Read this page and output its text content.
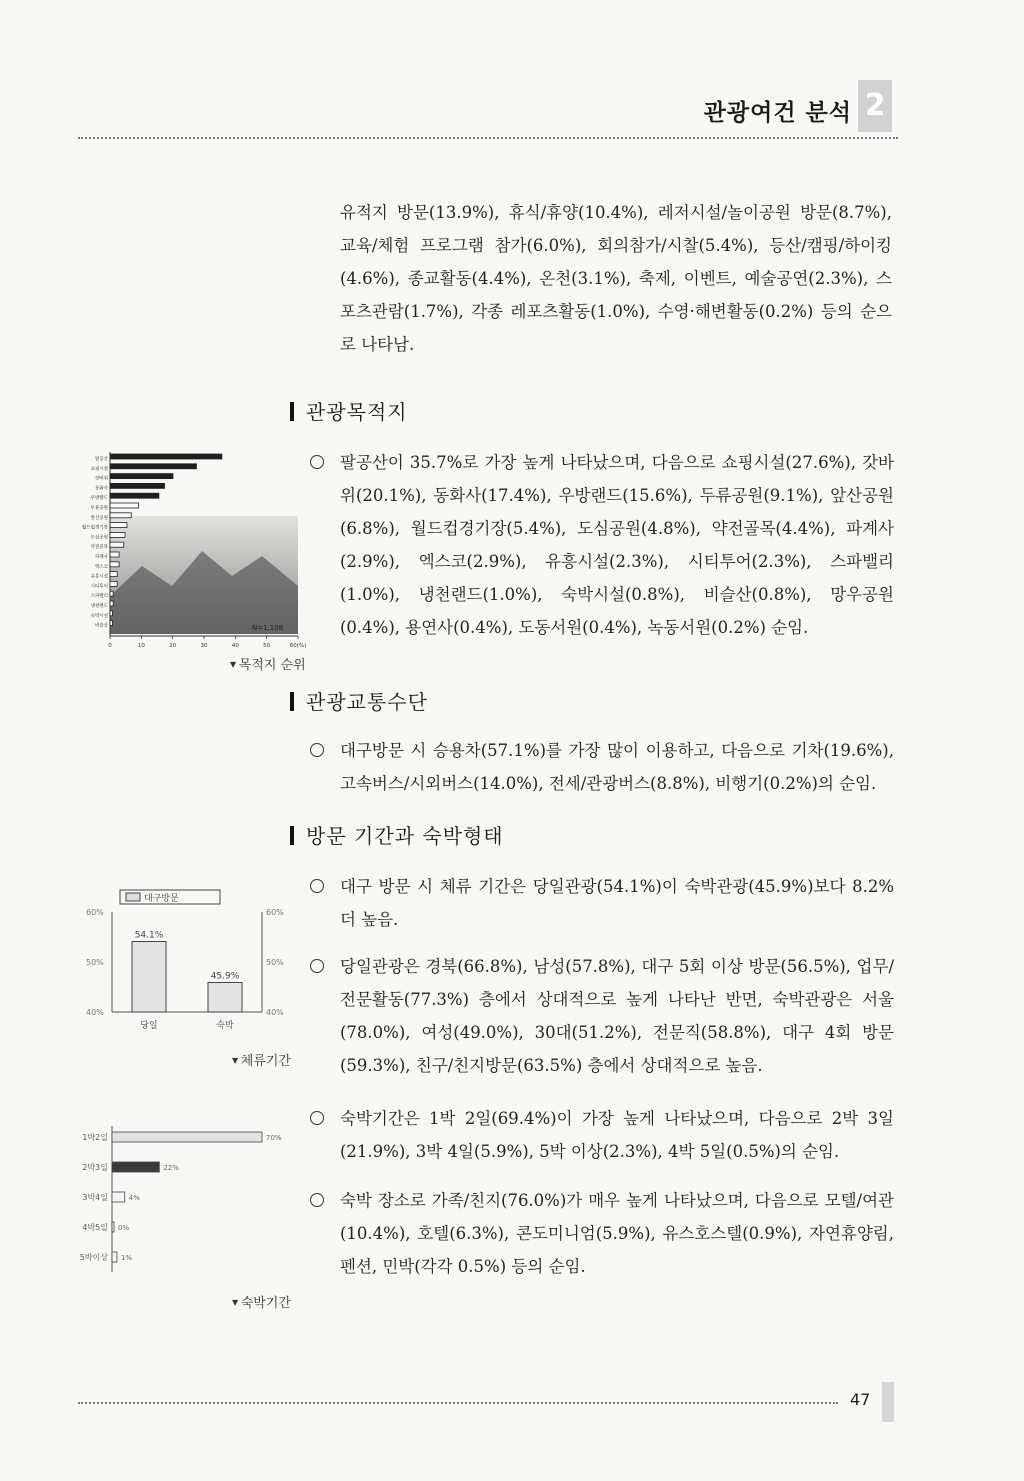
관광여건 분석 2
유적지 방문(13.9%), 휴식/휴양(10.4%), 레저시설/놀이공원 방문(8.7%), 교육/체험 프로그램 참가(6.0%), 회의참가/시찰(5.4%), 등산/캠핑/하이킹(4.6%), 종교활동(4.4%), 온천(3.1%), 축제, 이벤트, 예술공연(2.3%), 스포츠관람(1.7%), 각종 레포츠활동(1.0%), 수영·해변활동(0.2%) 등의 순으로 나타남.
관광목적지
팔공산이 35.7%로 가장 높게 나타났으며, 다음으로 쇼핑시설(27.6%), 갓바위(20.1%), 동화사(17.4%), 우방랜드(15.6%), 두류공원(9.1%), 앞산공원(6.8%), 월드컵경기장(5.4%), 도심공원(4.8%), 약전골목(4.4%), 파계사(2.9%), 엑스코(2.9%), 유흥시설(2.3%), 시티투어(2.3%), 스파밸리(1.0%), 냉천랜드(1.0%), 숙박시설(0.8%), 비슬산(0.8%), 망우공원(0.4%), 용연사(0.4%), 도동서원(0.4%), 녹동서원(0.2%) 순임.
팔공산
쇼핑시설
갓바위
동화사
우방랜드
두류공원
앞산공원
월드컵경기장
도심공원
약전골목
파계사
엑스코
유흥시설
시티투어
스파밸리
냉천랜드
숙박시설
비슬산
0	10	20	30	40	50	60(%)
N=1,108
▼ 목적지 순위
관광교통수단
대구방문 시 승용차(57.1%)를 가장 많이 이용하고, 다음으로 기차(19.6%), 고속버스/시외버스(14.0%), 전세/관광버스(8.8%), 비행기(0.2%)의 순임.
방문 기간과 숙박형태
대구 방문 시 체류 기간은 당일관광(54.1%)이 숙박관광(45.9%)보다 8.2% 더 높음.
당일관광은 경북(66.8%), 남성(57.8%), 대구 5회 이상 방문(56.5%), 업무/전문활동(77.3%) 층에서 상대적으로 높게 나타난 반면, 숙박관광은 서울(78.0%), 여성(49.0%), 30대(51.2%), 전문직(58.8%), 대구 4회 방문(59.3%), 친구/친지방문(63.5%) 층에서 상대적으로 높음.
숙박기간은 1박 2일(69.4%)이 가장 높게 나타났으며, 다음으로 2박 3일(21.9%), 3박 4일(5.9%), 5박 이상(2.3%), 4박 5일(0.5%)의 순임.
숙박 장소로 가족/친지(76.0%)가 매우 높게 나타났으며, 다음으로 모텔/여관(10.4%), 호텔(6.3%), 콘도미니엄(5.9%), 유스호스텔(0.9%), 자연휴양림, 펜션, 민박(각각 0.5%) 등의 순임.
대구방문
60%	60%
50%	50%
40%	40%
54.1%
당일
45.9%
숙박
▼ 체류기간
1박2일	70%
2박3일	22%
3박4일	4%
4박5일 0%
5박이상 1%
▼ 숙박기간
47
